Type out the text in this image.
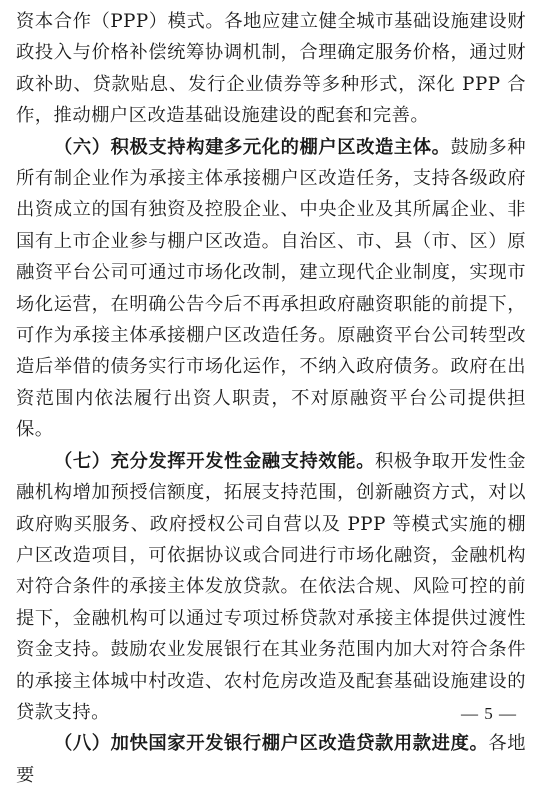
资本合作（PPP）模式。各地应建立健全城市基础设施建设财政投入与价格补偿统筹协调机制，合理确定服务价格，通过财政补助、贷款贴息、发行企业债券等多种形式，深化 PPP 合作，推动棚户区改造基础设施建设的配套和完善。

（六）积极支持构建多元化的棚户区改造主体。鼓励多种所有制企业作为承接主体承接棚户区改造任务，支持各级政府出资成立的国有独资及控股企业、中央企业及其所属企业、非国有上市企业参与棚户区改造。自治区、市、县（市、区）原融资平台公司可通过市场化改制，建立现代企业制度，实现市场化运营，在明确公告今后不再承担政府融资职能的前提下，可作为承接主体承接棚户区改造任务。原融资平台公司转型改造后举借的债务实行市场化运作，不纳入政府债务。政府在出资范围内依法履行出资人职责，不对原融资平台公司提供担保。

（七）充分发挥开发性金融支持效能。积极争取开发性金融机构增加预授信额度，拓展支持范围，创新融资方式，对以政府购买服务、政府授权公司自营以及 PPP 等模式实施的棚户区改造项目，可依据协议或合同进行市场化融资，金融机构对符合条件的承接主体发放贷款。在依法合规、风险可控的前提下，金融机构可以通过专项过桥贷款对承接主体提供过渡性资金支持。鼓励农业发展银行在其业务范围内加大对符合条件的承接主体城中村改造、农村危房改造及配套基础设施建设的贷款支持。

（八）加快国家开发银行棚户区改造贷款用款进度。各地要

— 5 —
